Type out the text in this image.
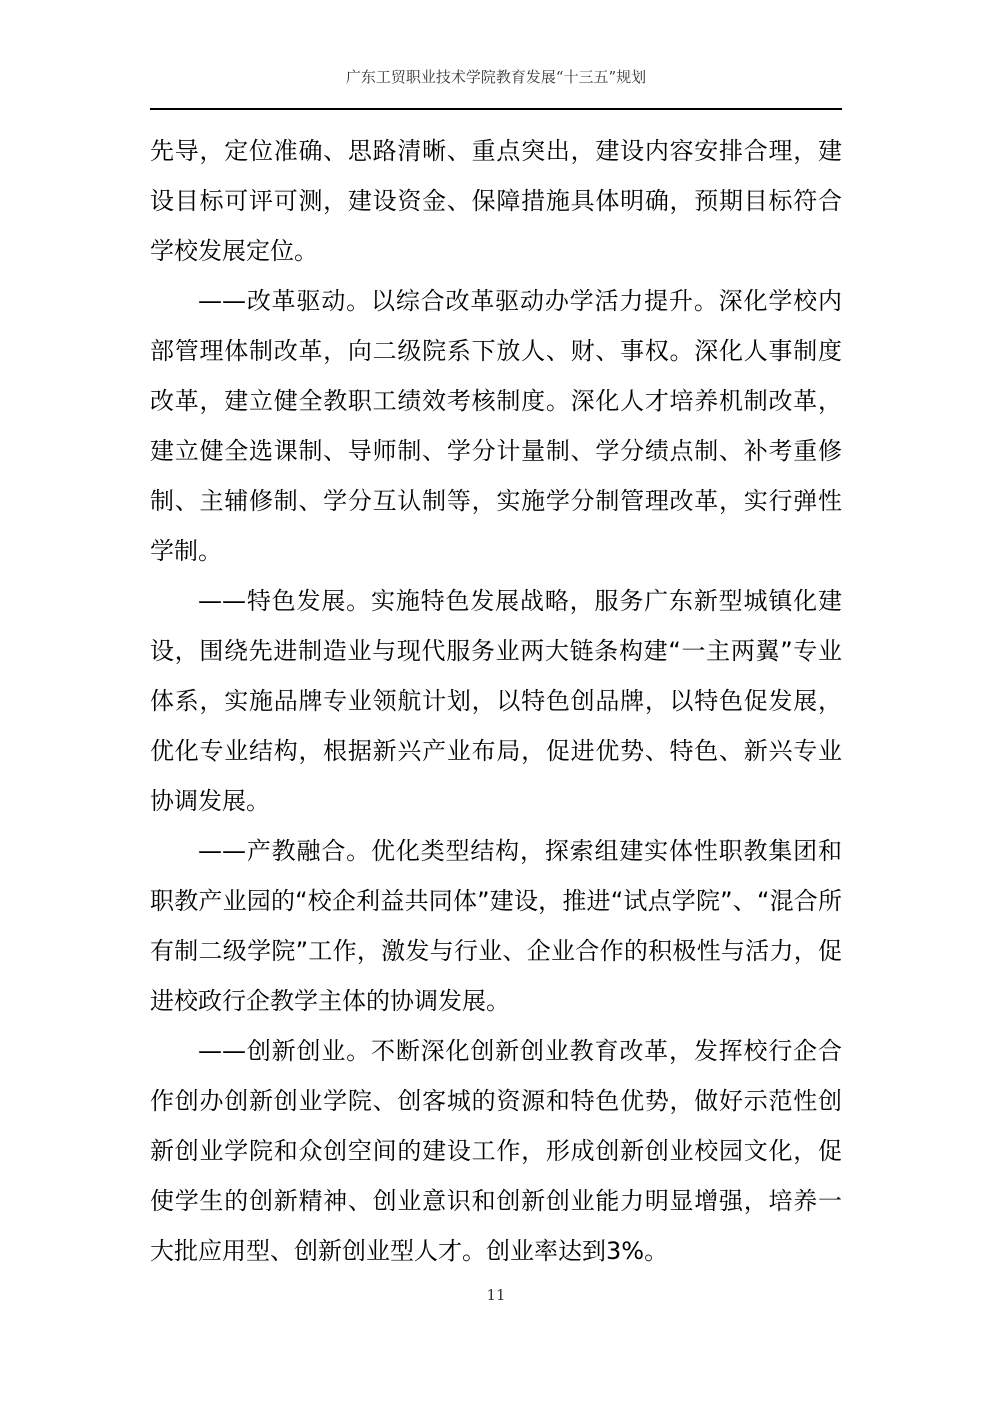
广东工贸职业技术学院教育发展“十三五”规划

先导，定位准确、思路清晰、重点突出，建设内容安排合理，建设目标可评可测，建设资金、保障措施具体明确，预期目标符合学校发展定位。

——改革驱动。以综合改革驱动办学活力提升。深化学校内部管理体制改革，向二级院系下放人、财、事权。深化人事制度改革，建立健全教职工绩效考核制度。深化人才培养机制改革，建立健全选课制、导师制、学分计量制、学分绩点制、补考重修制、主辅修制、学分互认制等，实施学分制管理改革，实行弹性学制。

——特色发展。实施特色发展战略，服务广东新型城镇化建设，围绕先进制造业与现代服务业两大链条构建“一主两翼”专业体系，实施品牌专业领航计划，以特色创品牌，以特色促发展，优化专业结构，根据新兴产业布局，促进优势、特色、新兴专业协调发展。

——产教融合。优化类型结构，探索组建实体性职教集团和职教产业园的“校企利益共同体”建设，推进“试点学院”、“混合所有制二级学院”工作，激发与行业、企业合作的积极性与活力，促进校政行企教学主体的协调发展。

——创新创业。不断深化创新创业教育改革，发挥校行企合作创办创新创业学院、创客城的资源和特色优势，做好示范性创新创业学院和众创空间的建设工作，形成创新创业校园文化，促使学生的创新精神、创业意识和创新创业能力明显增强，培养一大批应用型、创新创业型人才。创业率达到3%。

11
